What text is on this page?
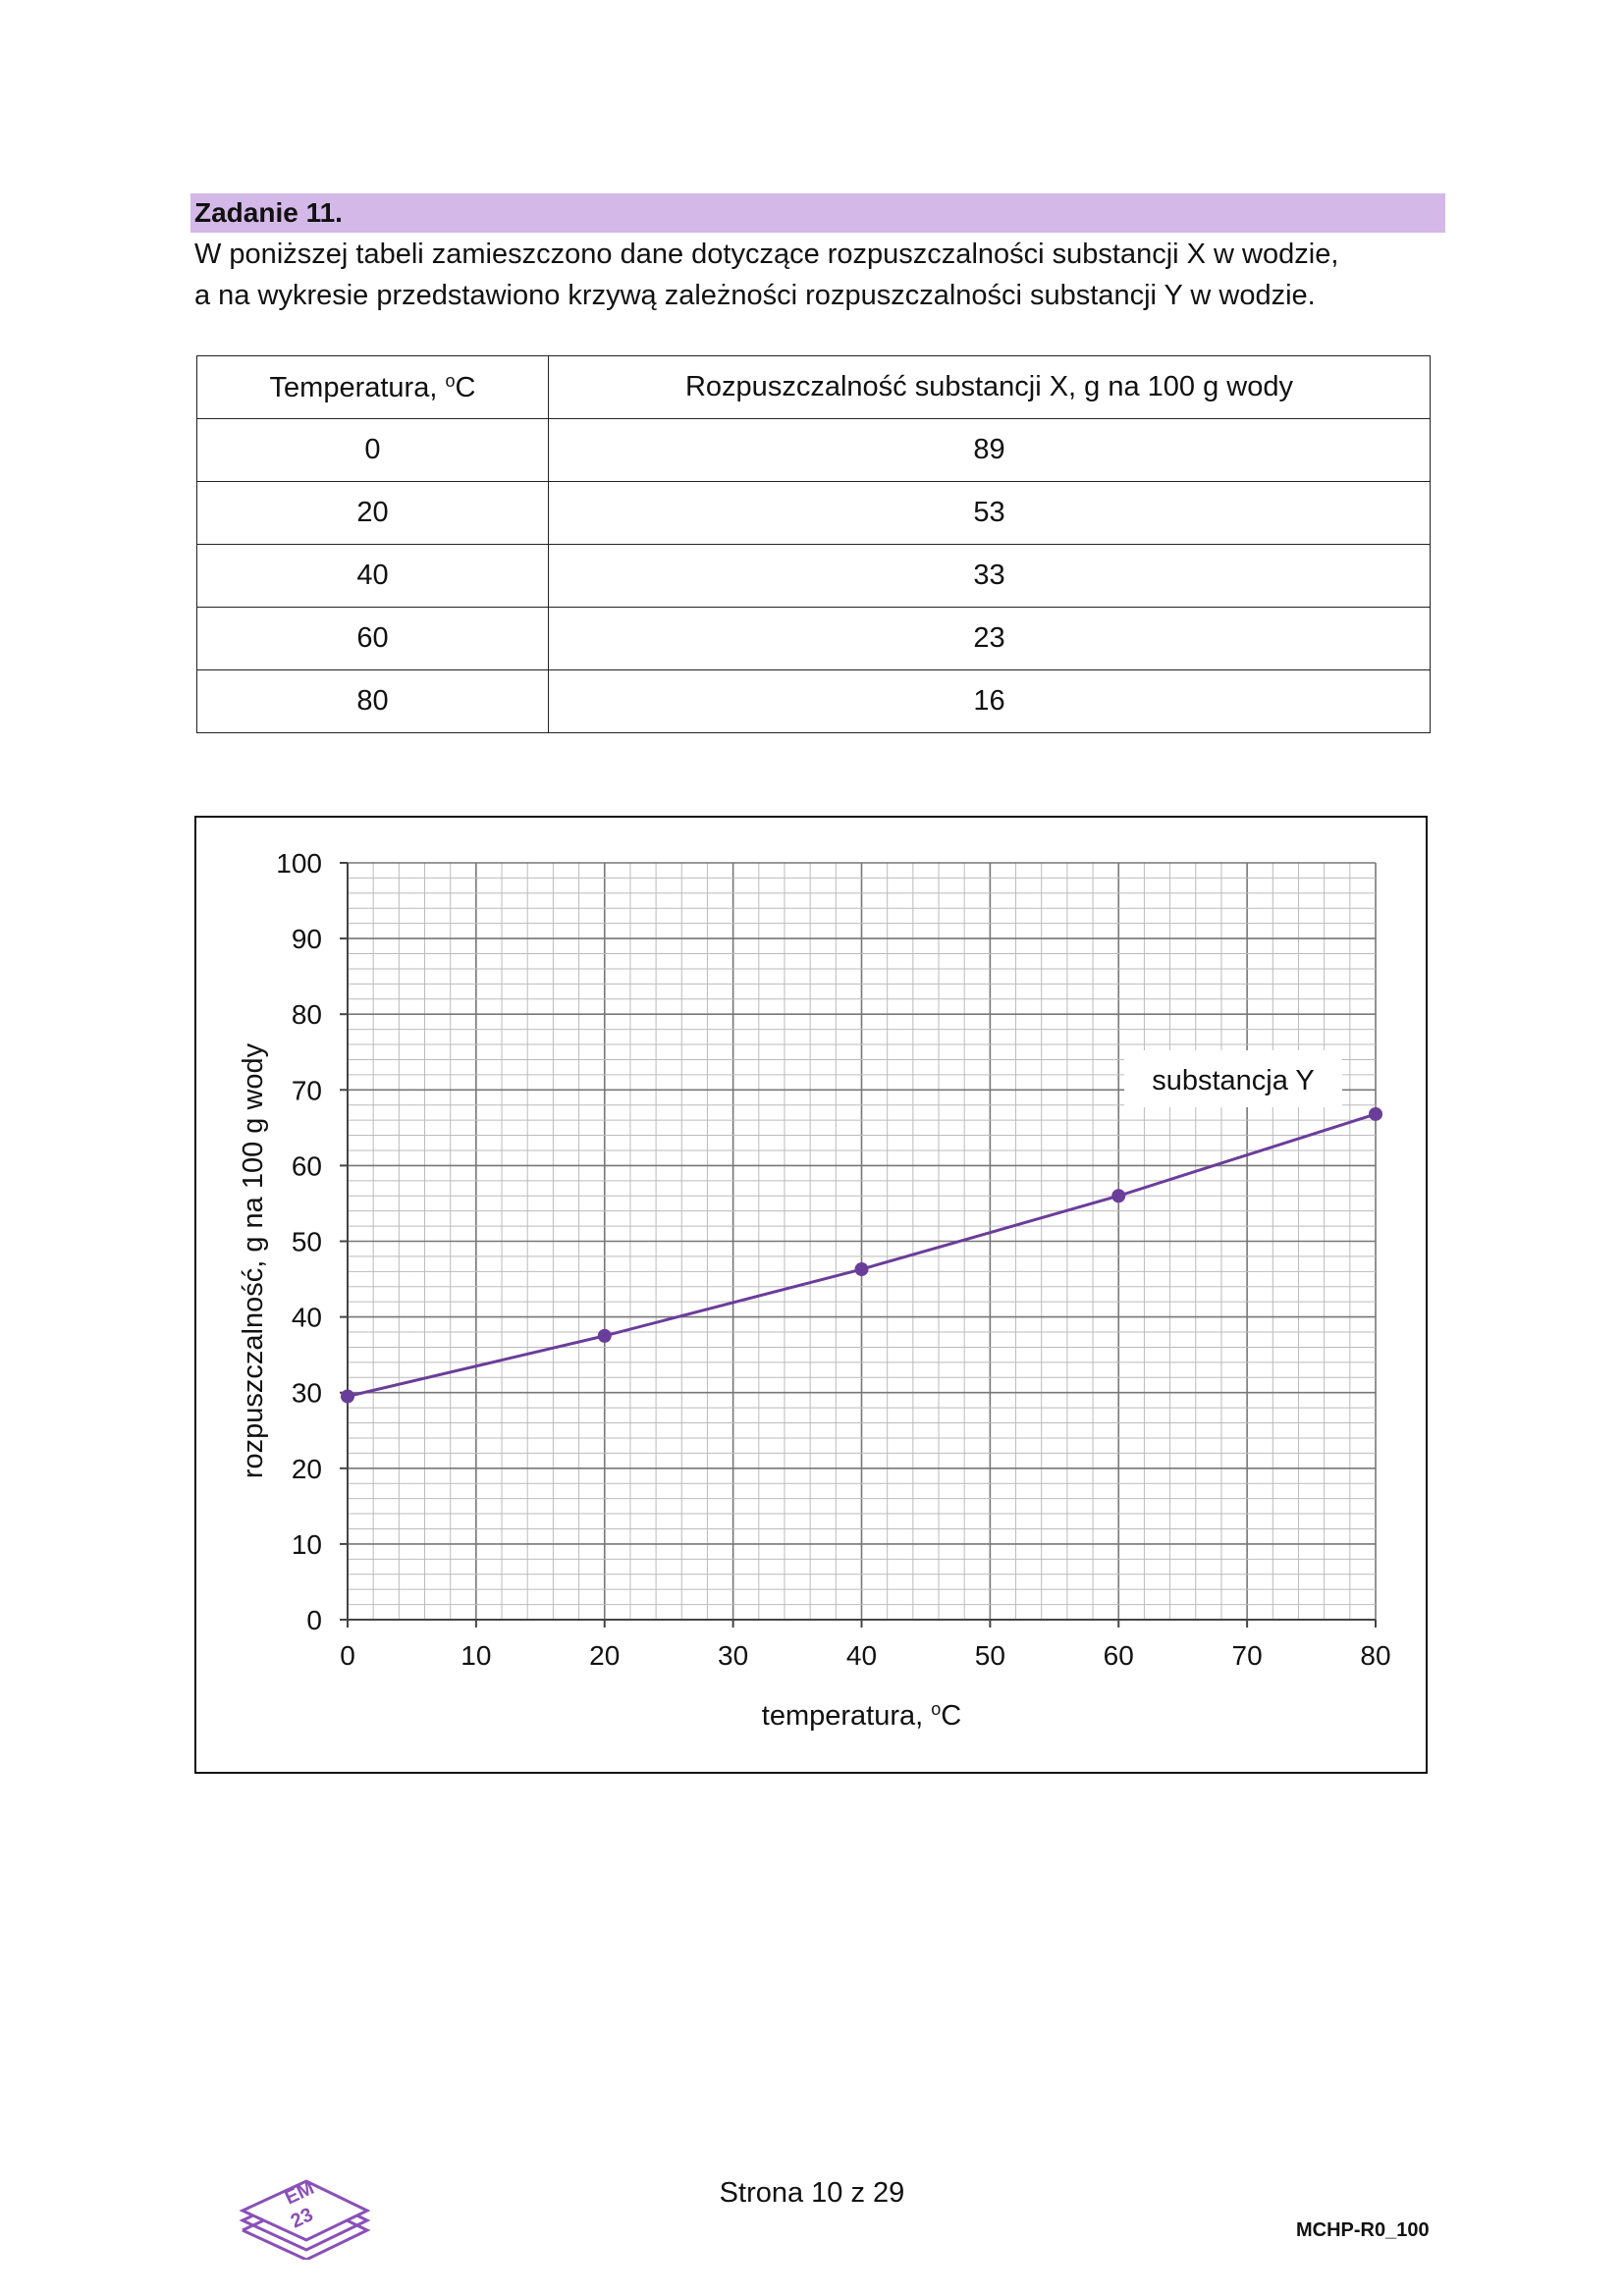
Zadanie 11.

W poniższej tabeli zamieszczono dane dotyczące rozpuszczalności substancji X w wodzie,

a na wykresie przedstawiono krzywą zależności rozpuszczalności substancji Y w wodzie.

Temperatura, $^o$C	Rozpuszczalność substancji X, g na 100 g wody
0	89
20	53
40	33
60	23
80	16
0
10
20
30
40
50
60
70
80
90
100
0	10	20	30	40	50	60	70	80
temperatura, $^o$C
rozpuszczalność, g na 100 g wody	substancja Y
EM
23
Strona 10 z 29
MCHP-R0_100
